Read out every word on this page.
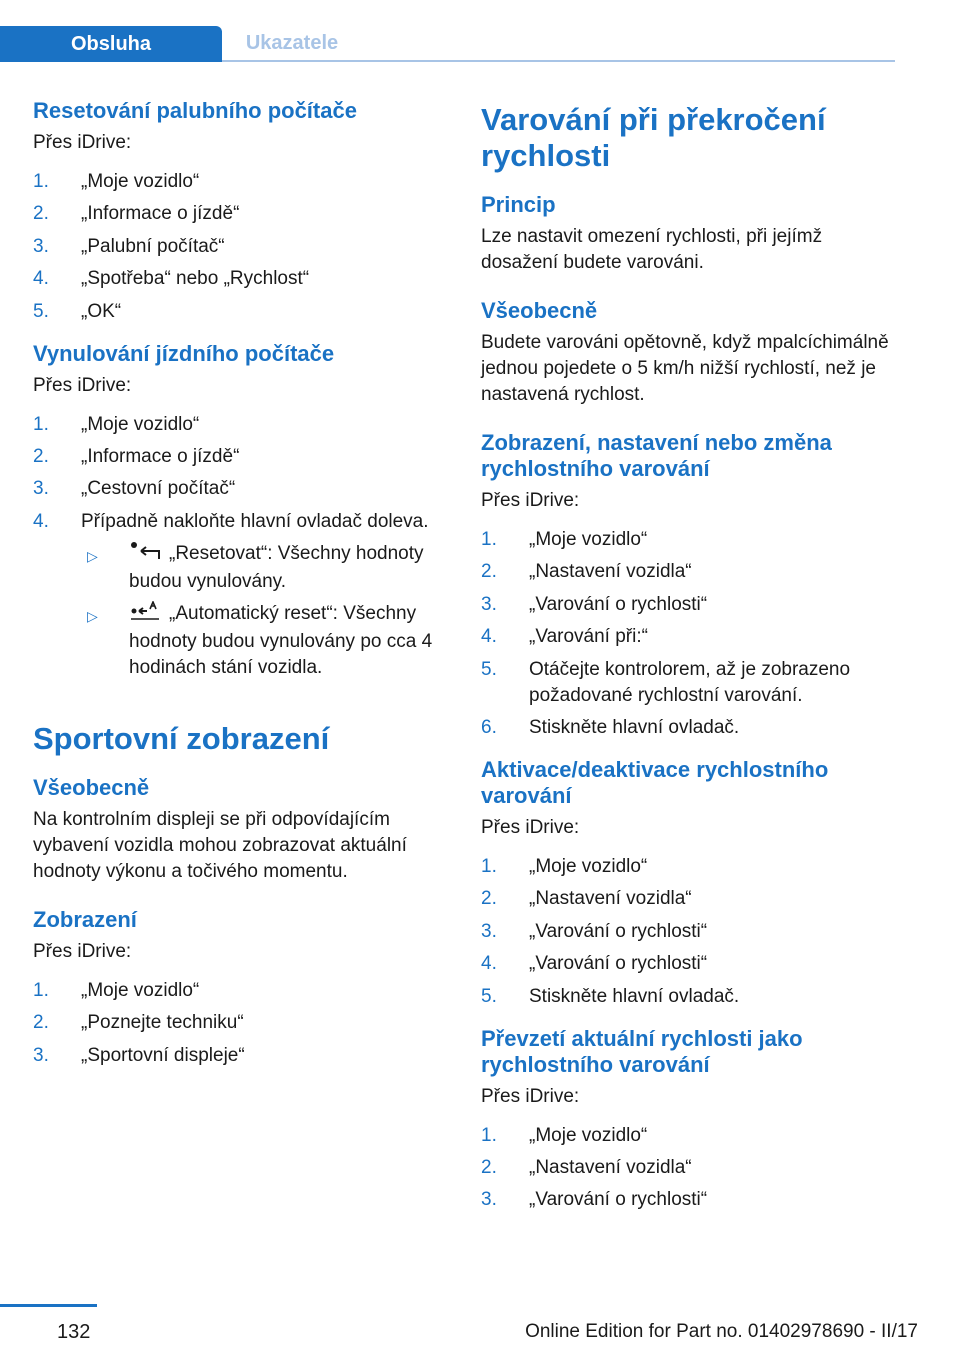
Obsluha	Ukazatele
Resetování palubního počítače
Přes iDrive:
1. „Moje vozidlo“
2. „Informace o jízdě“
3. „Palubní počítač“
4. „Spotřeba“ nebo „Rychlost“
5. „OK“
Vynulování jízdního počítače
Přes iDrive:
1. „Moje vozidlo“
2. „Informace o jízdě“
3. „Cestovní počítač“
4. Případně nakloňte hlavní ovladač doleva.
▷	„Resetovat“: Všechny hodnoty budou vynulovány.
▷	„Automatický reset“: Všechny hodnoty budou vynulovány po cca 4 hodinách stání vozidla.
Sportovní zobrazení
Všeobecně
Na kontrolním displeji se při odpovídajícím vybavení vozidla mohou zobrazovat aktuální hodnoty výkonu a točivého momentu.
Zobrazení
Přes iDrive:
1. „Moje vozidlo“
2. „Poznejte techniku“
3. „Sportovní displeje“
Varování při překročení rychlosti
Princip
Lze nastavit omezení rychlosti, při jejímž dosažení budete varováni.
Všeobecně
Budete varováni opětovně, když mpalcíchimálně jednou pojedete o 5 km/h nižší rychlostí, než je nastavená rychlost.
Zobrazení, nastavení nebo změna rychlostního varování
Přes iDrive:
1. „Moje vozidlo“
2. „Nastavení vozidla“
3. „Varování o rychlosti“
4. „Varování při:“
5. Otáčejte kontrolorem, až je zobrazeno požadované rychlostní varování.
6. Stiskněte hlavní ovladač.
Aktivace/deaktivace rychlostního varování
Přes iDrive:
1. „Moje vozidlo“
2. „Nastavení vozidla“
3. „Varování o rychlosti“
4. „Varování o rychlosti“
5. Stiskněte hlavní ovladač.
Převzetí aktuální rychlosti jako rychlostního varování
Přes iDrive:
1. „Moje vozidlo“
2. „Nastavení vozidla“
3. „Varování o rychlosti“
132	Online Edition for Part no. 01402978690 - II/17
